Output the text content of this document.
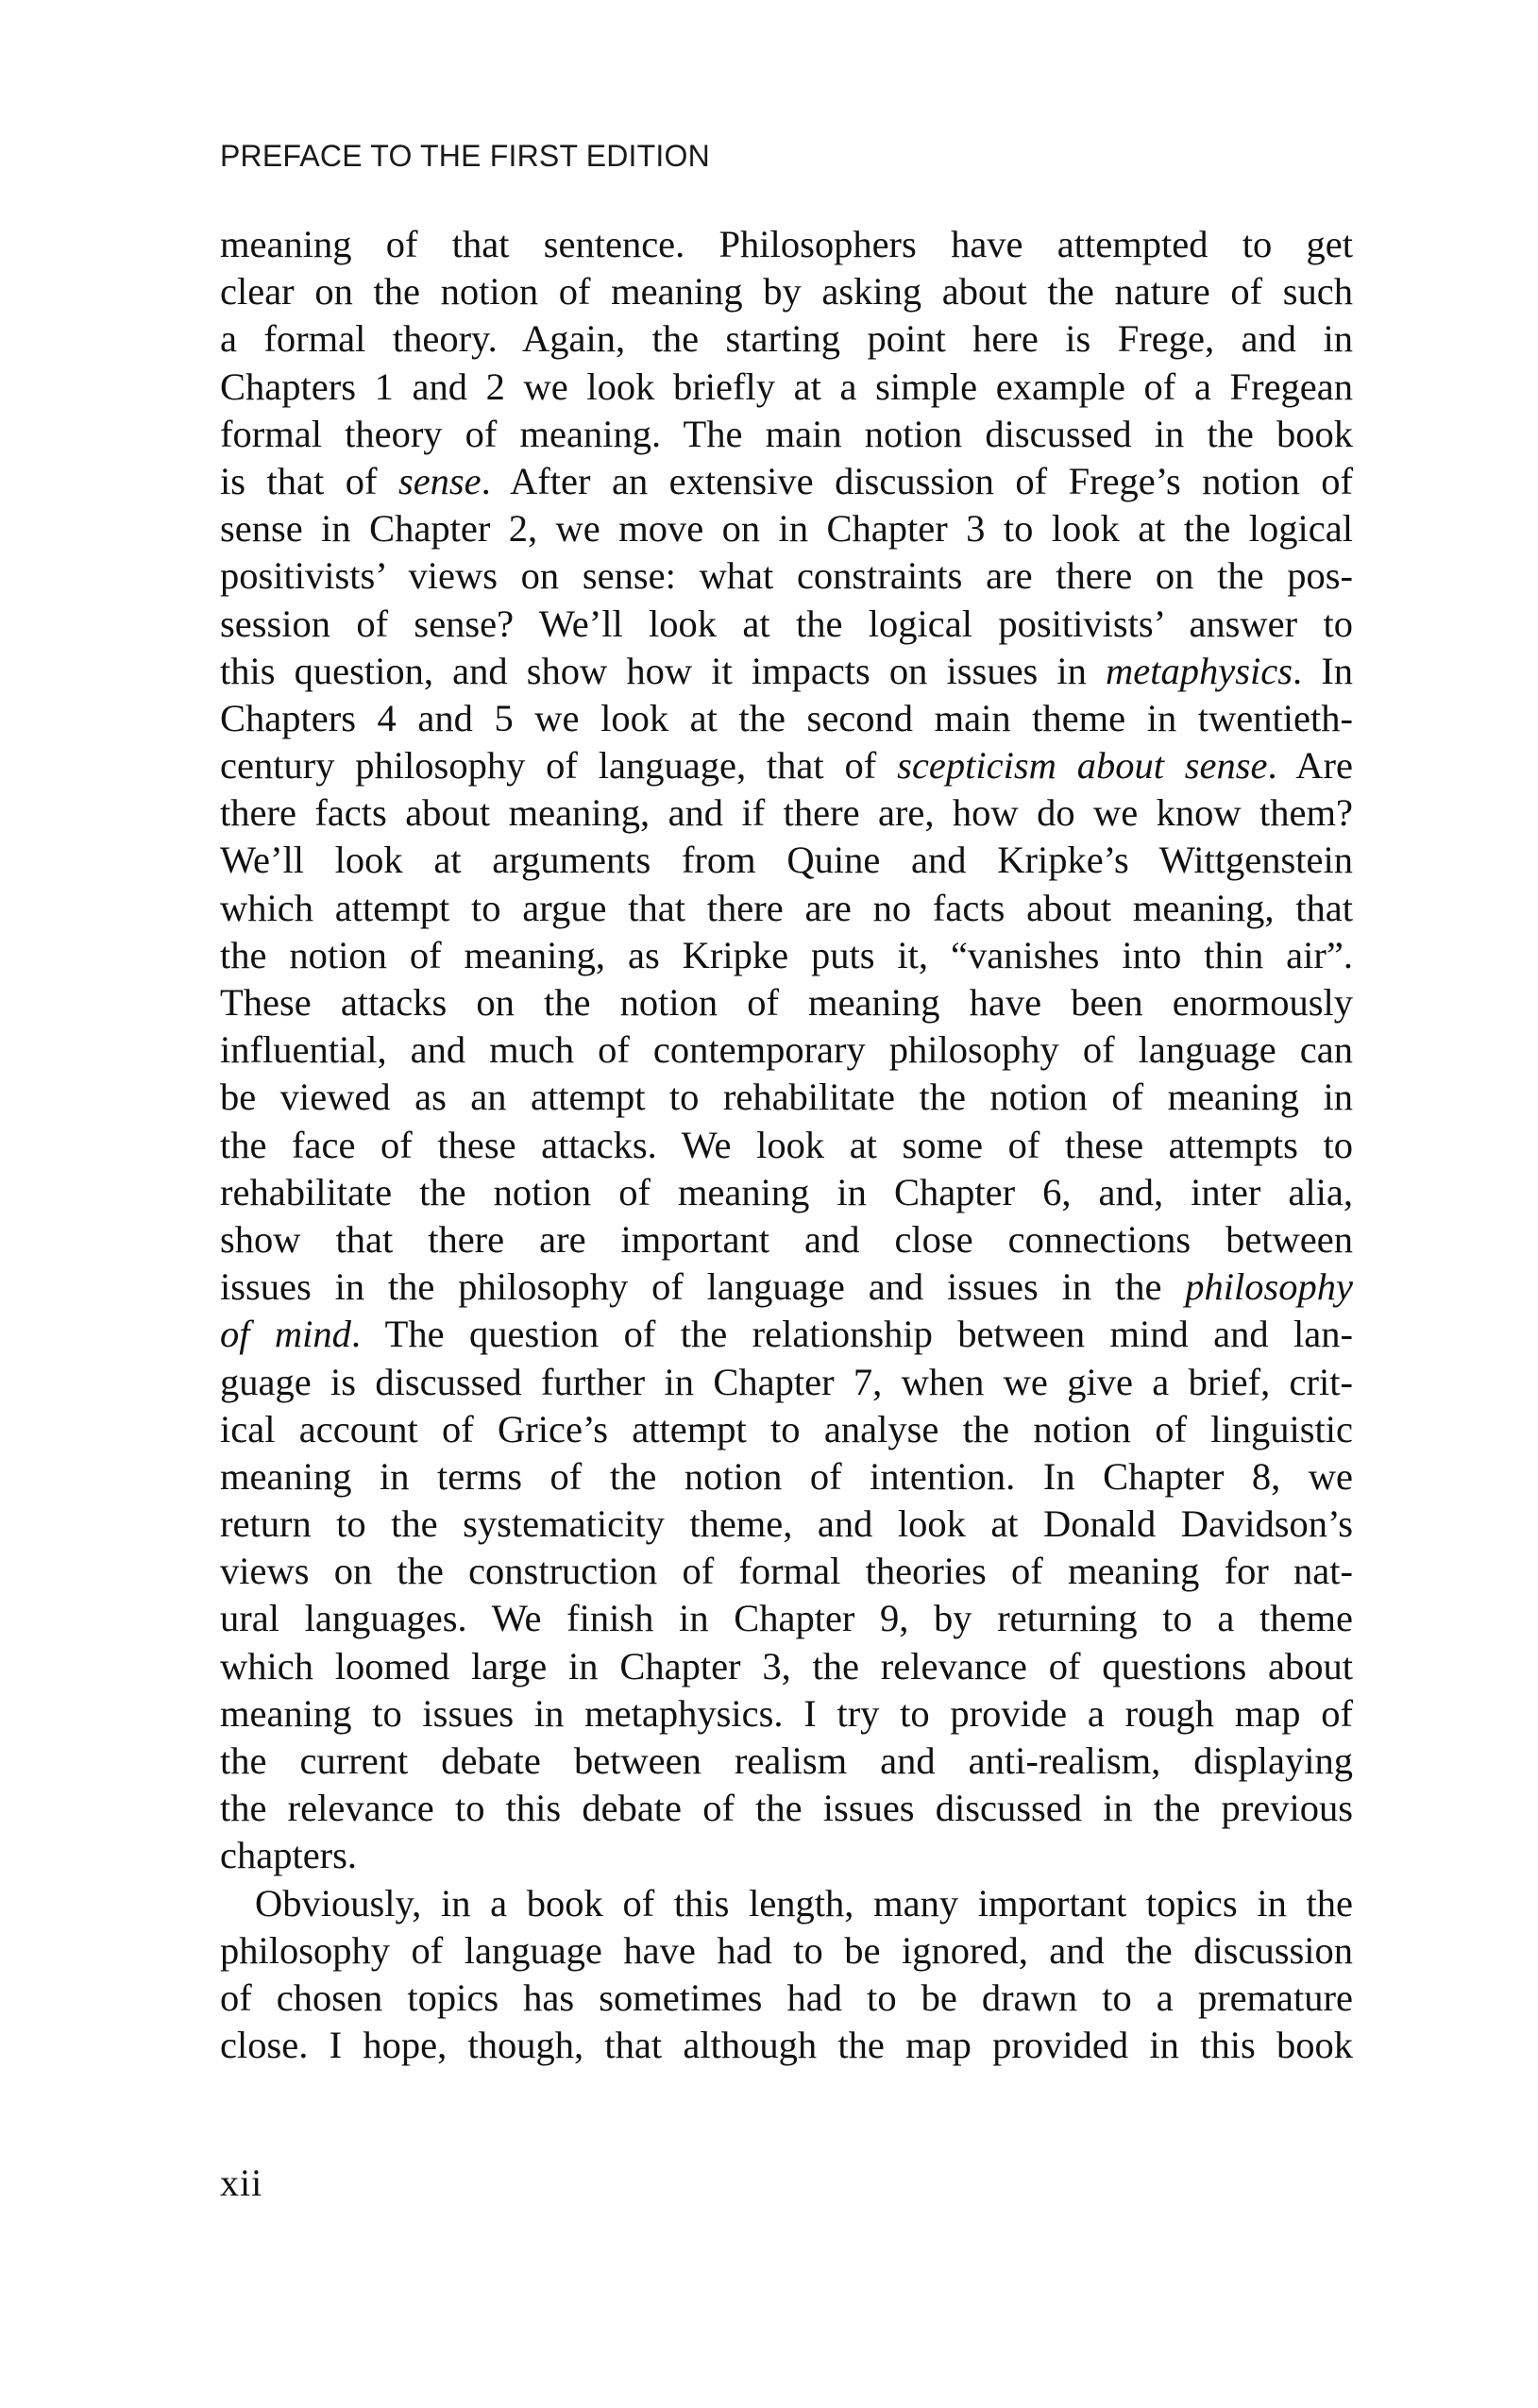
PREFACE TO THE FIRST EDITION
meaning of that sentence. Philosophers have attempted to get
clear on the notion of meaning by asking about the nature of such
a formal theory. Again, the starting point here is Frege, and in
Chapters 1 and 2 we look briefly at a simple example of a Fregean
formal theory of meaning. The main notion discussed in the book
is that of sense. After an extensive discussion of Frege’s notion of
sense in Chapter 2, we move on in Chapter 3 to look at the logical
positivists’ views on sense: what constraints are there on the pos-
session of sense? We’ll look at the logical positivists’ answer to
this question, and show how it impacts on issues in metaphysics. In
Chapters 4 and 5 we look at the second main theme in twentieth-
century philosophy of language, that of scepticism about sense. Are
there facts about meaning, and if there are, how do we know them?
We’ll look at arguments from Quine and Kripke’s Wittgenstein
which attempt to argue that there are no facts about meaning, that
the notion of meaning, as Kripke puts it, “vanishes into thin air”.
These attacks on the notion of meaning have been enormously
influential, and much of contemporary philosophy of language can
be viewed as an attempt to rehabilitate the notion of meaning in
the face of these attacks. We look at some of these attempts to
rehabilitate the notion of meaning in Chapter 6, and, inter alia,
show that there are important and close connections between
issues in the philosophy of language and issues in the philosophy
of mind. The question of the relationship between mind and lan-
guage is discussed further in Chapter 7, when we give a brief, crit-
ical account of Grice’s attempt to analyse the notion of linguistic
meaning in terms of the notion of intention. In Chapter 8, we
return to the systematicity theme, and look at Donald Davidson’s
views on the construction of formal theories of meaning for nat-
ural languages. We finish in Chapter 9, by returning to a theme
which loomed large in Chapter 3, the relevance of questions about
meaning to issues in metaphysics. I try to provide a rough map of
the current debate between realism and anti-realism, displaying
the relevance to this debate of the issues discussed in the previous
chapters.
Obviously, in a book of this length, many important topics in the
philosophy of language have had to be ignored, and the discussion
of chosen topics has sometimes had to be drawn to a premature
close. I hope, though, that although the map provided in this book
xii
